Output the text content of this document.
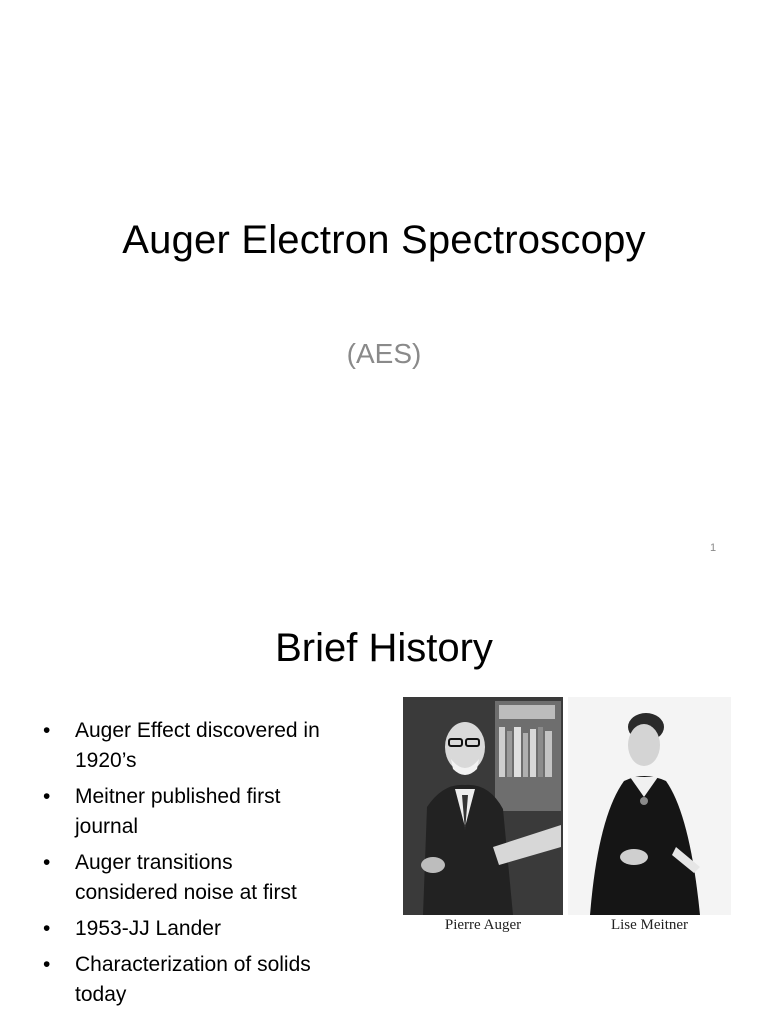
Auger Electron Spectroscopy
(AES)
1
Brief History
• Auger Effect discovered in
1920’s
• Meitner published first
journal
• Auger transitions
considered noise at first
• 1953-JJ Lander
• Characterization of solids
today
Pierre Auger	Lise Meitner
